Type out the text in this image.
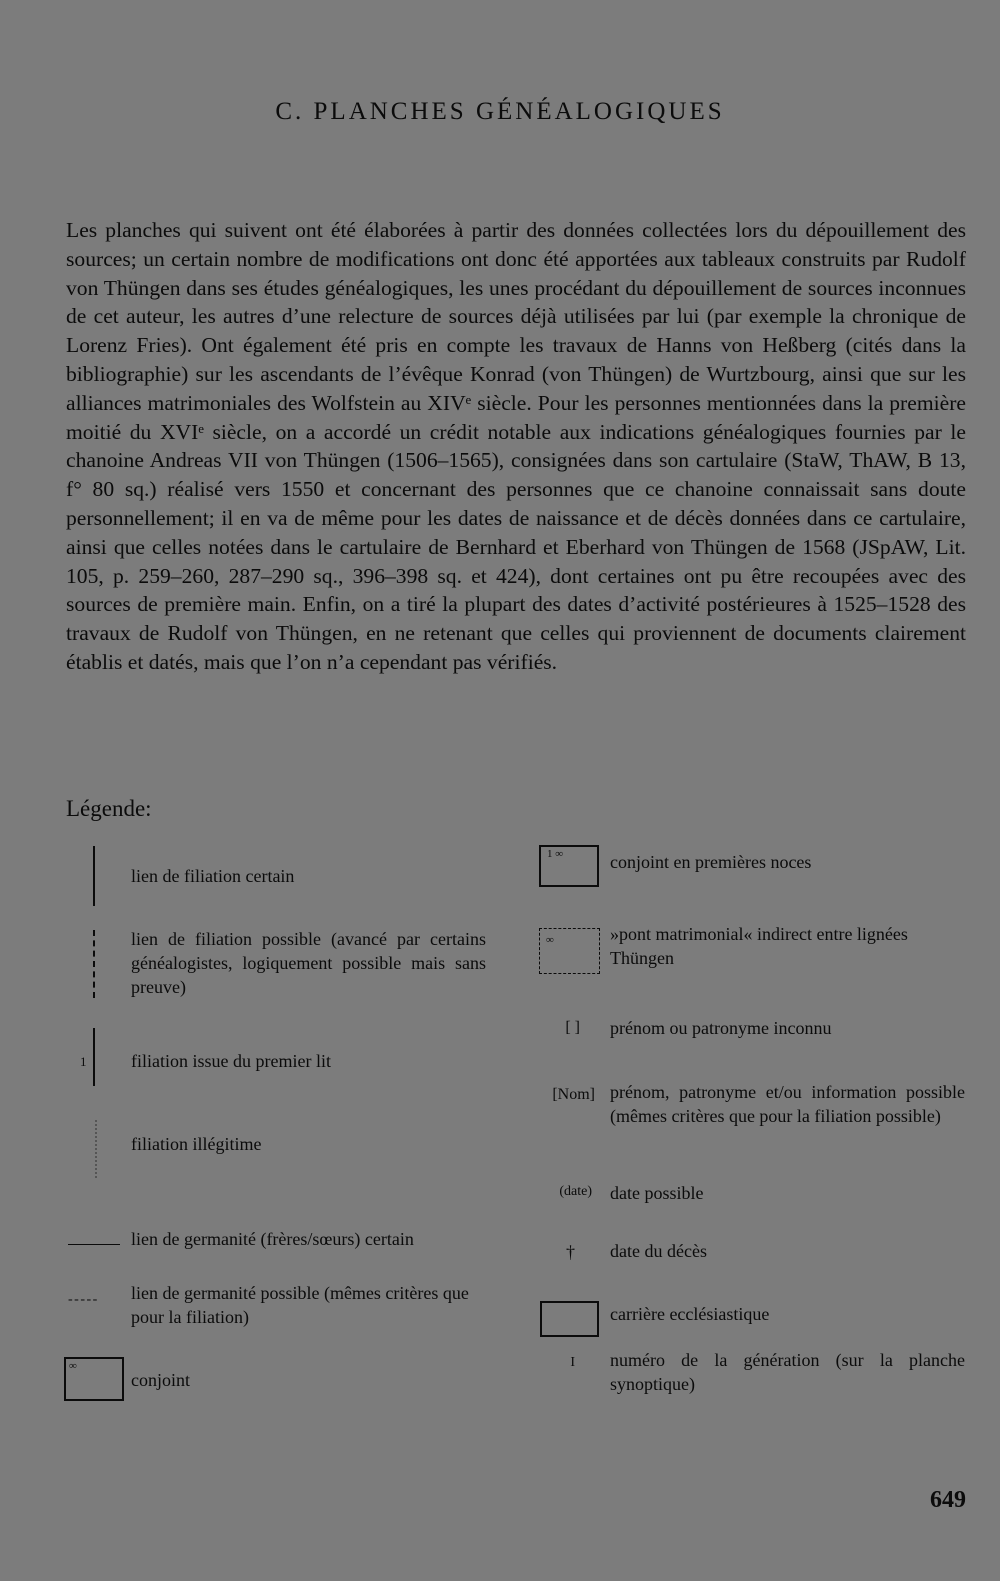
C. PLANCHES GÉNÉALOGIQUES

Les planches qui suivent ont été élaborées à partir des données collectées lors du dépouillement des sources; un certain nombre de modifications ont donc été apportées aux tableaux construits par Rudolf von Thüngen dans ses études généalogiques, les unes procédant du dépouillement de sources inconnues de cet auteur, les autres d’une relecture de sources déjà utilisées par lui (par exemple la chronique de Lorenz Fries). Ont également été pris en compte les travaux de Hanns von Heßberg (cités dans la bibliographie) sur les ascendants de l’évêque Konrad (von Thüngen) de Wurtzbourg, ainsi que sur les alliances matrimoniales des Wolfstein au XIVᵉ siècle. Pour les personnes mentionnées dans la première moitié du XVIᵉ siècle, on a accordé un crédit notable aux indications généalogiques fournies par le chanoine Andreas VII von Thüngen (1506–1565), consignées dans son cartulaire (StaW, ThAW, B 13, f° 80 sq.) réalisé vers 1550 et concernant des personnes que ce chanoine connaissait sans doute personnellement; il en va de même pour les dates de naissance et de décès données dans ce cartulaire, ainsi que celles notées dans le cartulaire de Bernhard et Eberhard von Thüngen de 1568 (JSpAW, Lit. 105, p. 259–260, 287–290 sq., 396–398 sq. et 424), dont certaines ont pu être recoupées avec des sources de première main. Enfin, on a tiré la plupart des dates d’activité postérieures à 1525–1528 des travaux de Rudolf von Thüngen, en ne retenant que celles qui proviennent de documents clairement établis et datés, mais que l’on n’a cependant pas vérifiés.

Légende:
lien de filiation certain
lien de filiation possible (avancé par certains généalogistes, logiquement possible mais sans preuve)
1 filiation issue du premier lit
filiation illégitime
lien de germanité (frères/sœurs) certain
- - - - - lien de germanité possible (mêmes critères que pour la filiation)
∞
conjoint
1 ∞	conjoint en premières noces
∞	»pont matrimonial« indirect entre lignées Thüngen
[ ] prénom ou patronyme inconnu
[Nom] prénom, patronyme et/ou information possible (mêmes critères que pour la filiation possible)
(date) date possible
† date du décès
carrière ecclésiastique
I numéro de la génération (sur la planche synoptique)
649
